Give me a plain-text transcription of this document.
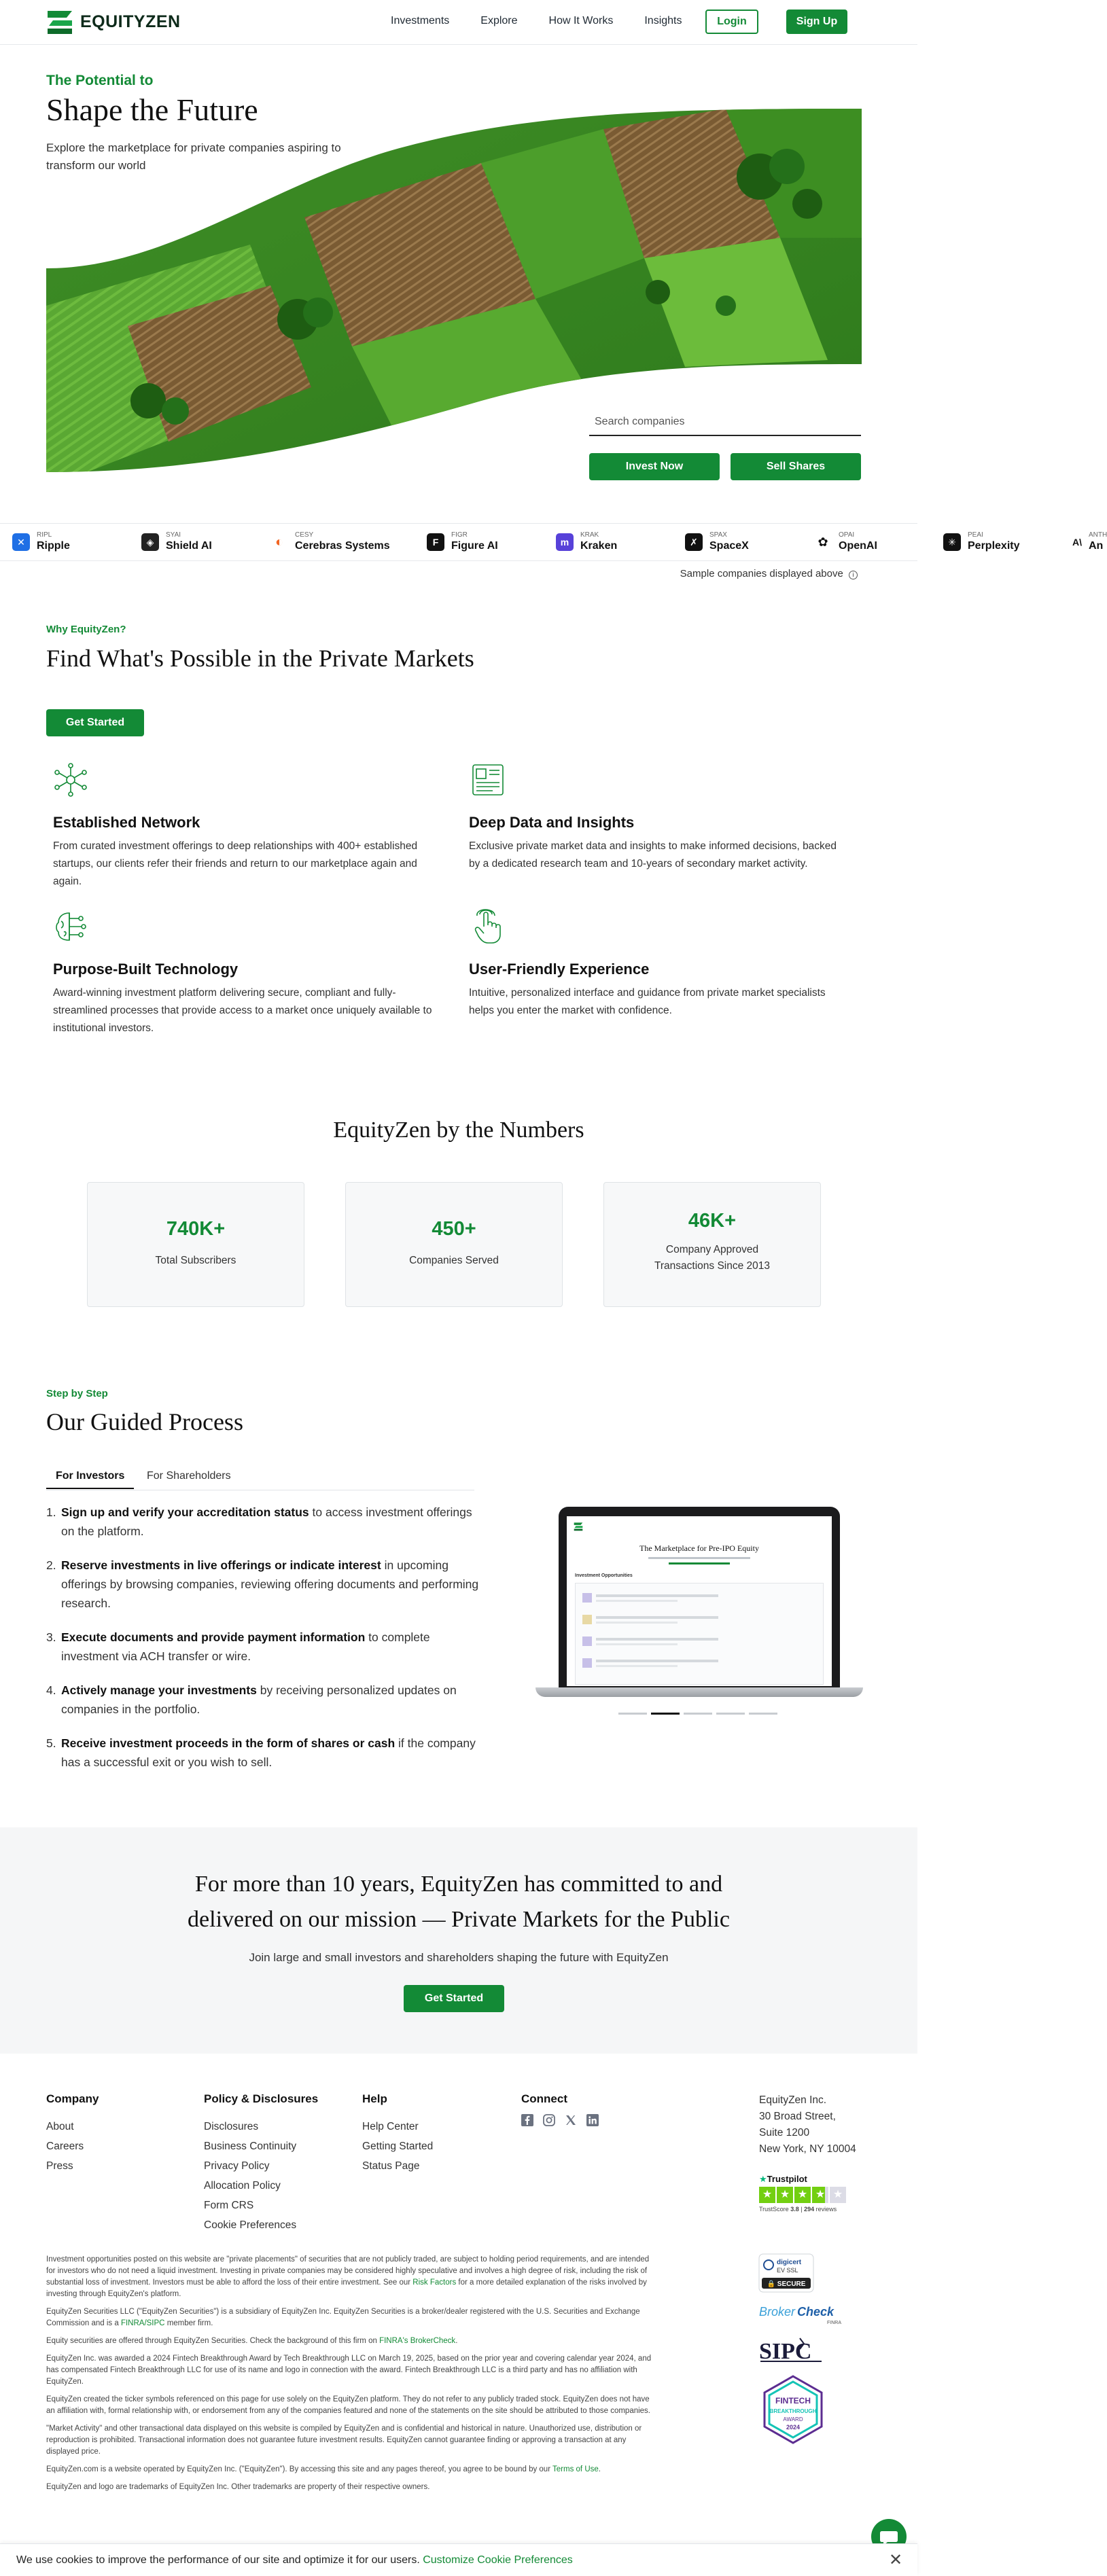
EQUITYZEN	Investments	Explore	How It Works	Insights	Login	Sign Up
The Potential to
Shape the Future
Explore the marketplace for private companies aspiring to transform our world
Search companies
Invest Now	Sell Shares
✕
RIPL
Ripple	◈
SYAI
Shield AI	◐	CESY
Cerebras Systems	F
FIGR
Figure AI	m
KRAK
Kraken	✗
SPAX
SpaceX	✿	OPAI
OpenAI	✳
PEAI
Perplexity	A\
ANTH
An
Sample companies displayed above i
Why EquityZen?
Find What's Possible in the Private Markets
Get Started
Established Network
From curated investment offerings to deep relationships with 400+ established startups, our clients refer their friends and return to our marketplace again and again.
Deep Data and Insights
Exclusive private market data and insights to make informed decisions, backed by a dedicated research team and 10-years of secondary market activity.
Purpose-Built Technology
Award-winning investment platform delivering secure, compliant and fully-streamlined processes that provide access to a market once uniquely available to institutional investors.
User-Friendly Experience
Intuitive, personalized interface and guidance from private market specialists helps you enter the market with confidence.
EquityZen by the Numbers
740K+
Total Subscribers
450+
Companies Served
46K+
Company Approved Transactions Since 2013
Step by Step
Our Guided Process
For Investors	For Shareholders
1. Sign up and verify your accreditation status to access investment offerings on the platform.
2. Reserve investments in live offerings or indicate interest in upcoming offerings by browsing companies, reviewing offering documents and performing research.
3. Execute documents and provide payment information to complete investment via ACH transfer or wire.
4. Actively manage your investments by receiving personalized updates on companies in the portfolio.
5. Receive investment proceeds in the form of shares or cash if the company has a successful exit or you wish to sell.
The Marketplace for Pre-IPO Equity
Investment Opportunities
For more than 10 years, EquityZen has committed to and
delivered on our mission — Private Markets for the Public
Join large and small investors and shareholders shaping the future with EquityZen
Get Started
Company
About
Careers
Press
Policy & Disclosures
Disclosures
Business Continuity
Privacy Policy
Allocation Policy
Form CRS
Cookie Preferences
Help
Help Center
Getting Started
Status Page
Connect	EquityZen Inc.
30 Broad Street,
Suite 1200
New York, NY 10004
★Trustpilot
★ ★ ★ ★ ★
TrustScore 3.8 | 294 reviews
digicert
EV SSL
🔒 SECURE
Broker Check
FINRA
SIPC
FINTECH
BREAKTHROUGH
AWARD
2024

Investment opportunities posted on this website are "private placements" of securities that are not publicly traded, are subject to holding period requirements, and are intended for investors who do not need a liquid investment. Investing in private companies may be considered highly speculative and involves a high degree of risk, including the risk of substantial loss of investment. Investors must be able to afford the loss of their entire investment. See our Risk Factors for a more detailed explanation of the risks involved by investing through EquityZen's platform.

EquityZen Securities LLC ("EquityZen Securities") is a subsidiary of EquityZen Inc. EquityZen Securities is a broker/dealer registered with the U.S. Securities and Exchange Commission and is a FINRA/SIPC member firm.

Equity securities are offered through EquityZen Securities. Check the background of this firm on FINRA's BrokerCheck.

EquityZen Inc. was awarded a 2024 Fintech Breakthrough Award by Tech Breakthrough LLC on March 19, 2025, based on the prior year and covering calendar year 2024, and has compensated Fintech Breakthrough LLC for use of its name and logo in connection with the award. Fintech Breakthrough LLC is a third party and has no affiliation with EquityZen.

EquityZen created the ticker symbols referenced on this page for use solely on the EquityZen platform. They do not refer to any publicly traded stock. EquityZen does not have an affiliation with, formal relationship with, or endorsement from any of the companies featured and none of the statements on the site should be attributed to those companies.

"Market Activity" and other transactional data displayed on this website is compiled by EquityZen and is confidential and historical in nature. Unauthorized use, distribution or reproduction is prohibited. Transactional information does not guarantee future investment results. EquityZen cannot guarantee finding or approving a transaction at any displayed price.

EquityZen.com is a website operated by EquityZen Inc. ("EquityZen"). By accessing this site and any pages thereof, you agree to be bound by our Terms of Use.

EquityZen and logo are trademarks of EquityZen Inc. Other trademarks are property of their respective owners.

We use cookies to improve the performance of our site and optimize it for our users. Customize Cookie Preferences	✕
